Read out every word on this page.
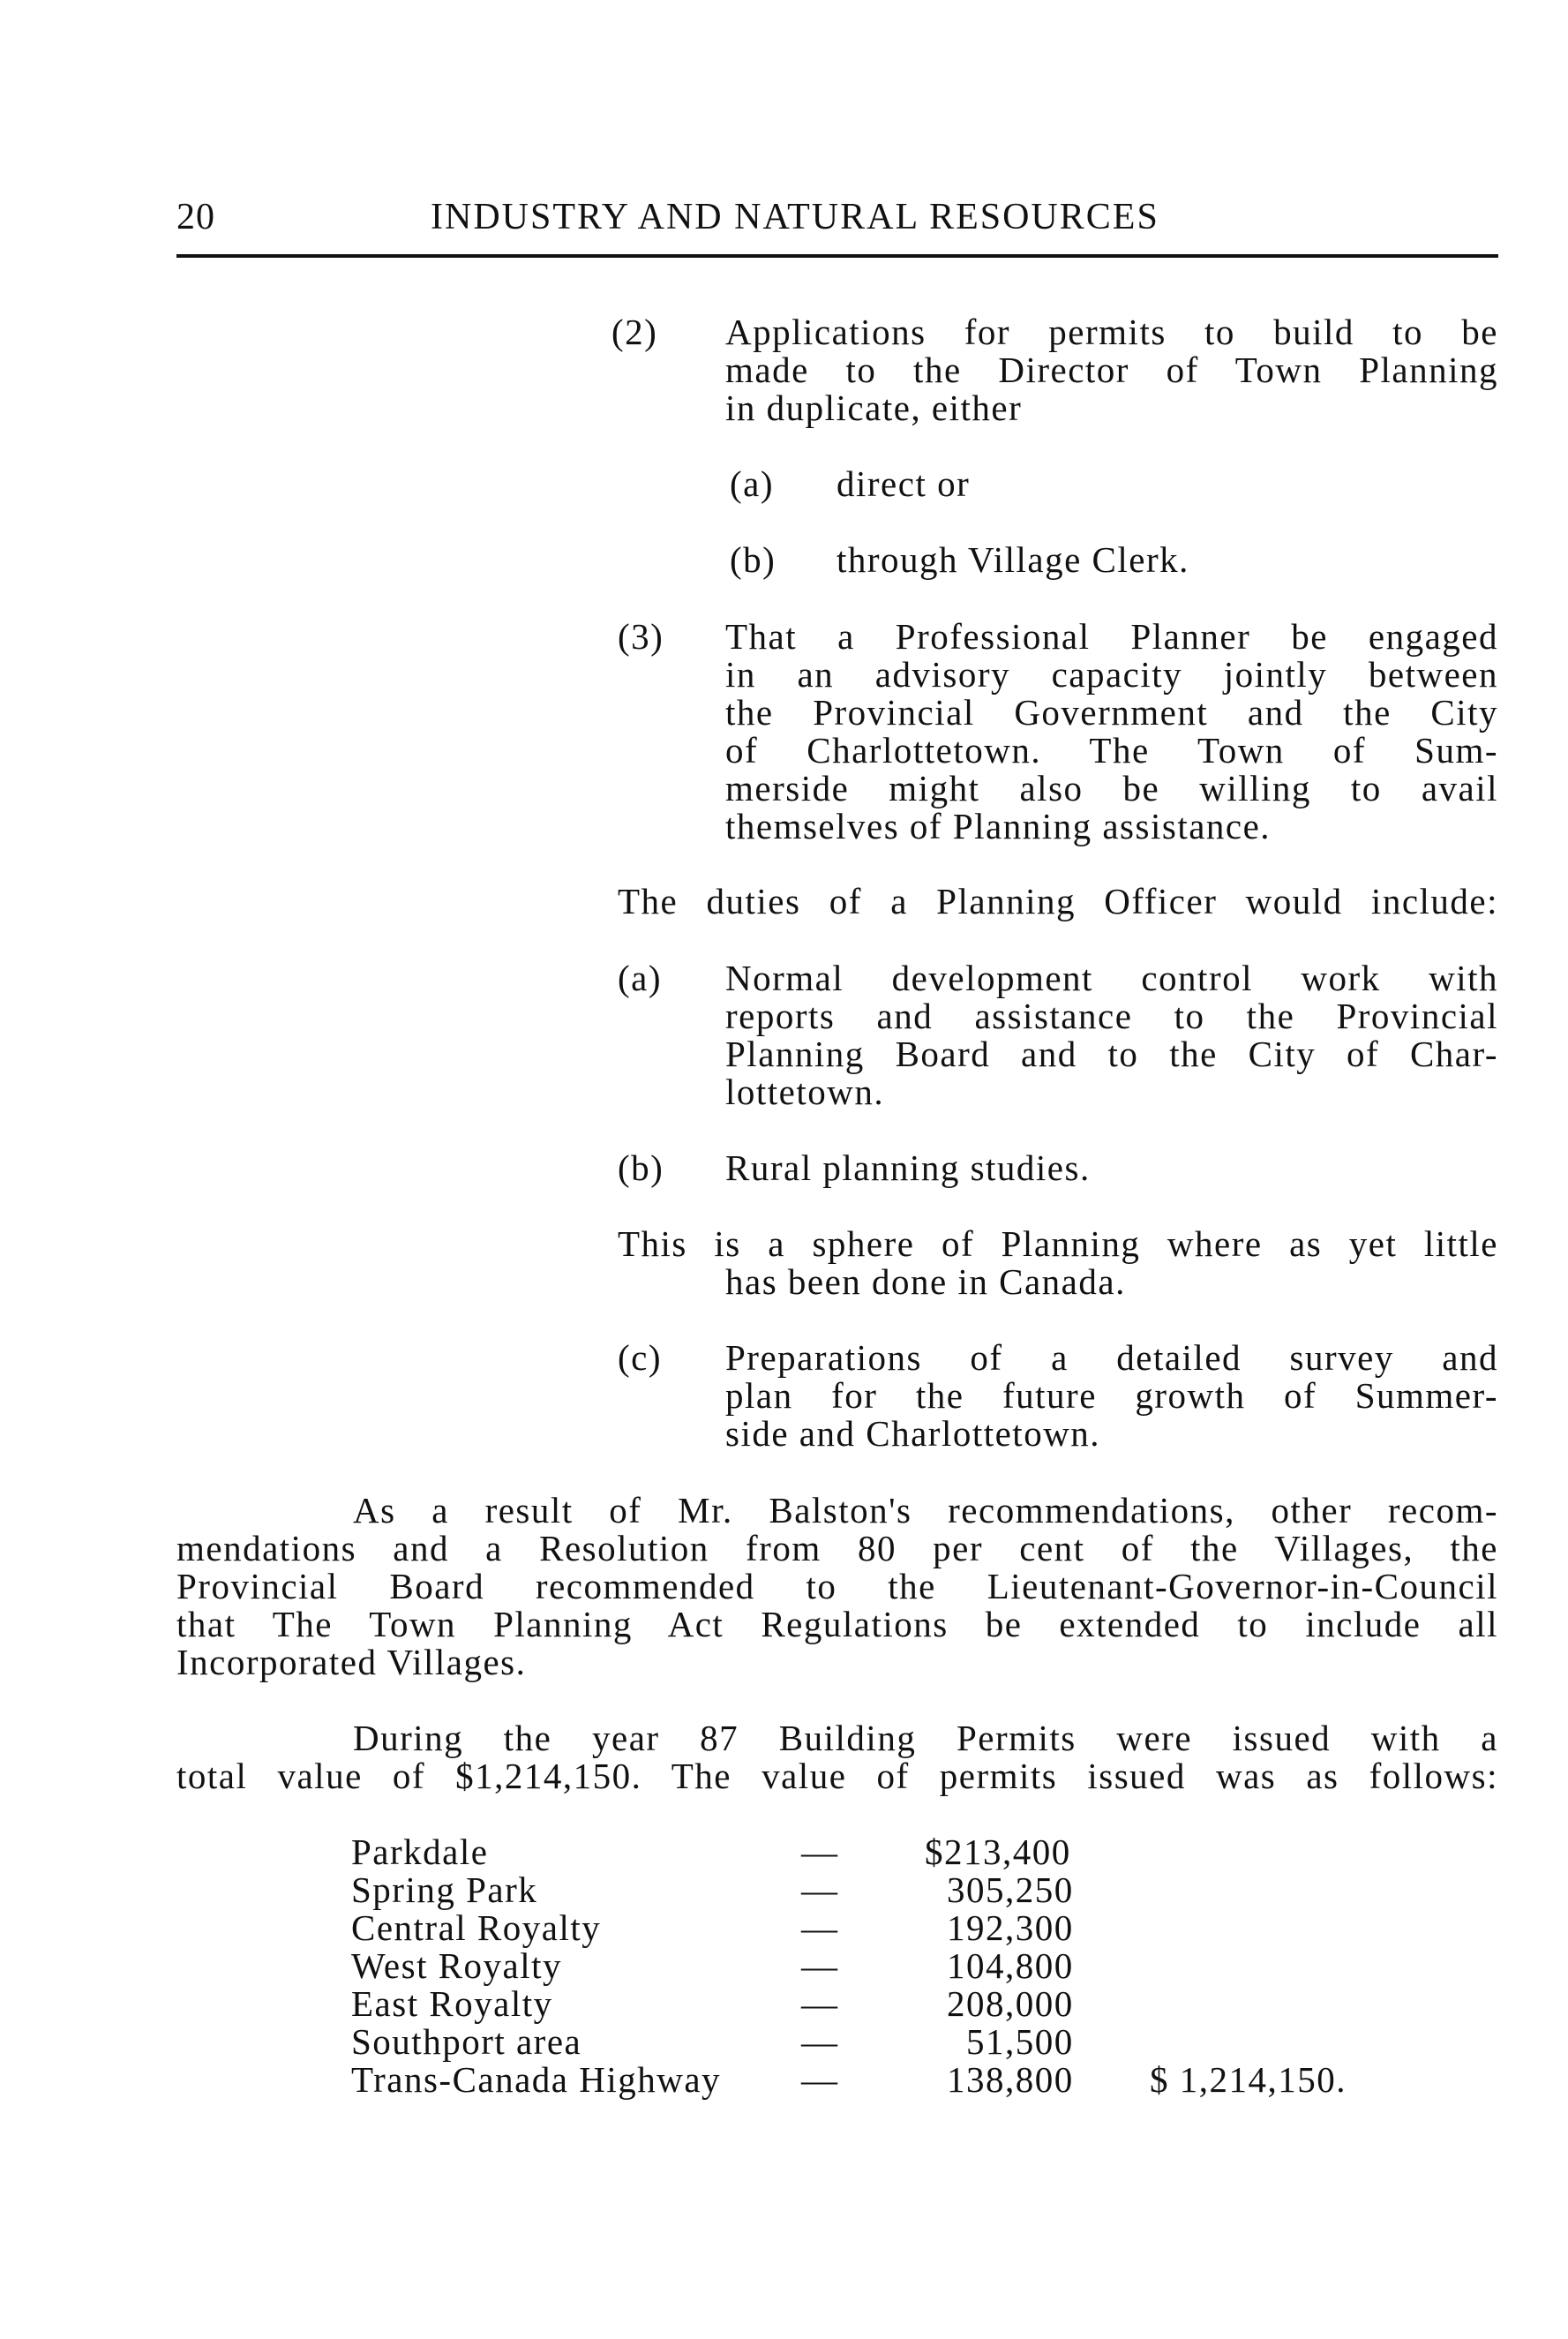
20	INDUSTRY AND NATURAL RESOURCES
(2) Applications for permits to build to be
made to the Director of Town Planning
in duplicate, either
(a) direct or
(b) through Village Clerk.
(3) That a Professional Planner be engaged
in an advisory capacity jointly between
the Provincial Government and the City
of Charlottetown. The Town of Sum-
merside might also be willing to avail
themselves of Planning assistance.
The duties of a Planning Officer would include:
(a) Normal development control work with
reports and assistance to the Provincial
Planning Board and to the City of Char-
lottetown.
(b) Rural planning studies.
This is a sphere of Planning where as yet little
has been done in Canada.
(c) Preparations of a detailed survey and
plan for the future growth of Summer-
side and Charlottetown.
As a result of Mr. Balston's recommendations, other recom-
mendations and a Resolution from 80 per cent of the Villages, the
Provincial Board recommended to the Lieutenant-Governor-in-Council
that The Town Planning Act Regulations be extended to include all
Incorporated Villages.
During the year 87 Building Permits were issued with a
total value of $1,214,150. The value of permits issued was as follows:
Parkdale	— $213,400
Spring Park	—	305,250
Central Royalty	—	192,300
West Royalty	—	104,800
East Royalty	—	208,000
Southport area	—	51,500
Trans-Canada Highway —	138,800 $ 1,214,150.
